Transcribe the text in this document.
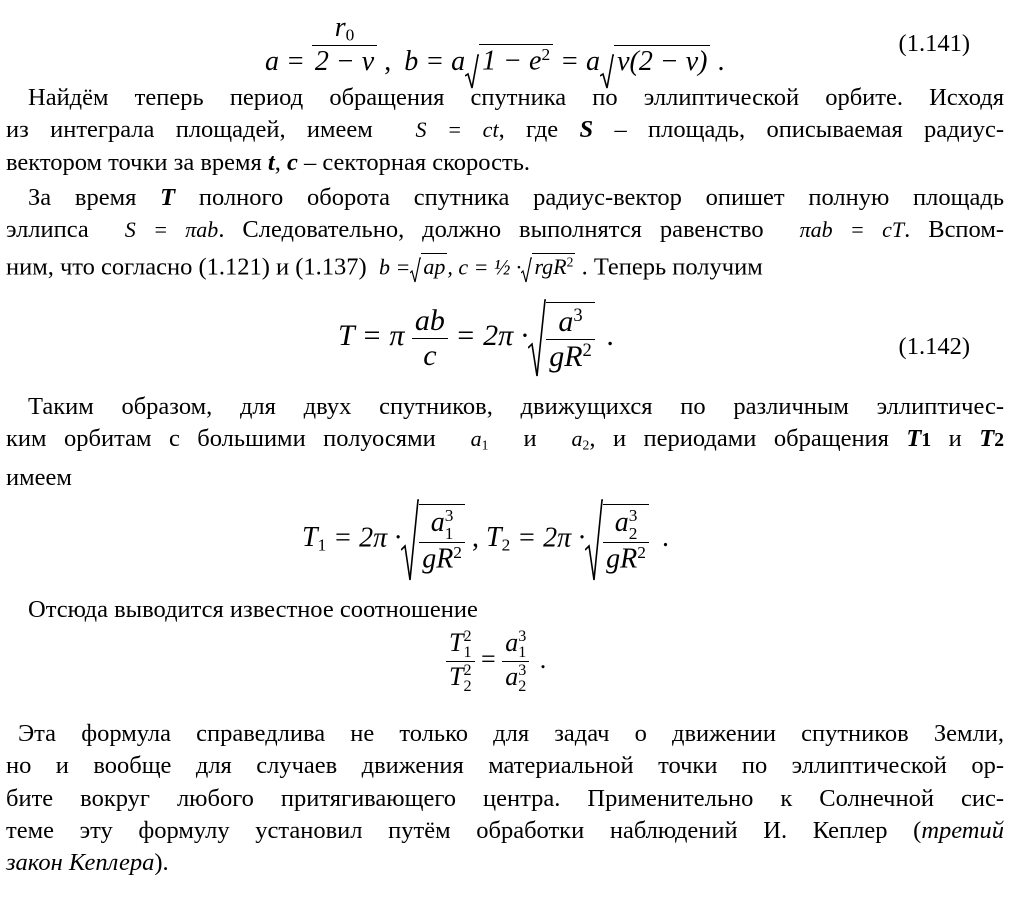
$a = \frac{r_0}{2 - \nu}$ , b = a $1 - e^2 = a$ ν(2 − ν) .
(1.141)
Найдём теперь период обращения спутника по эллиптической орбите. Исходя
из интеграла площадей, имеем S = ct, где S – площадь, описываемая радиус-
вектором точки за время t, c – секторная скорость.
За время T полного оборота спутника радиус-вектор опишет полную площадь
эллипса S = πab. Следовательно, должно выполнятся равенство πab = cT. Вспом-
ним, что согласно (1.121) и (1.137) b = ap, c = ½ · rgR$^2$ . Теперь получим
T = π $\frac{ab}{c} = 2\pi \cdot \frac{a^3}{gR^2}$ .	(1.142)
Таким образом, для двух спутников, движущихся по различным эллиптичес-
ким орбитам с большими полуосями $a_1$ и $a_2$, и периодами обращения T1 и T2
имеем
$T_1 = 2\pi \cdot a$ 3
1
$gR^2$ , $T_2 = 2\pi \cdot a$ 3
2
$gR^2$ .
Отсюда выводится известное соотношение
T 2
1
T 2
2 = a 3
1
a 3
2 .
Эта формула справедлива не только для задач о движении спутников Земли,
но и вообще для случаев движения материальной точки по эллиптической ор-
бите вокруг любого притягивающего центра. Применительно к Солнечной сис-
теме эту формулу установил путём обработки наблюдений И. Кеплер (третий
закон Кеплера).
